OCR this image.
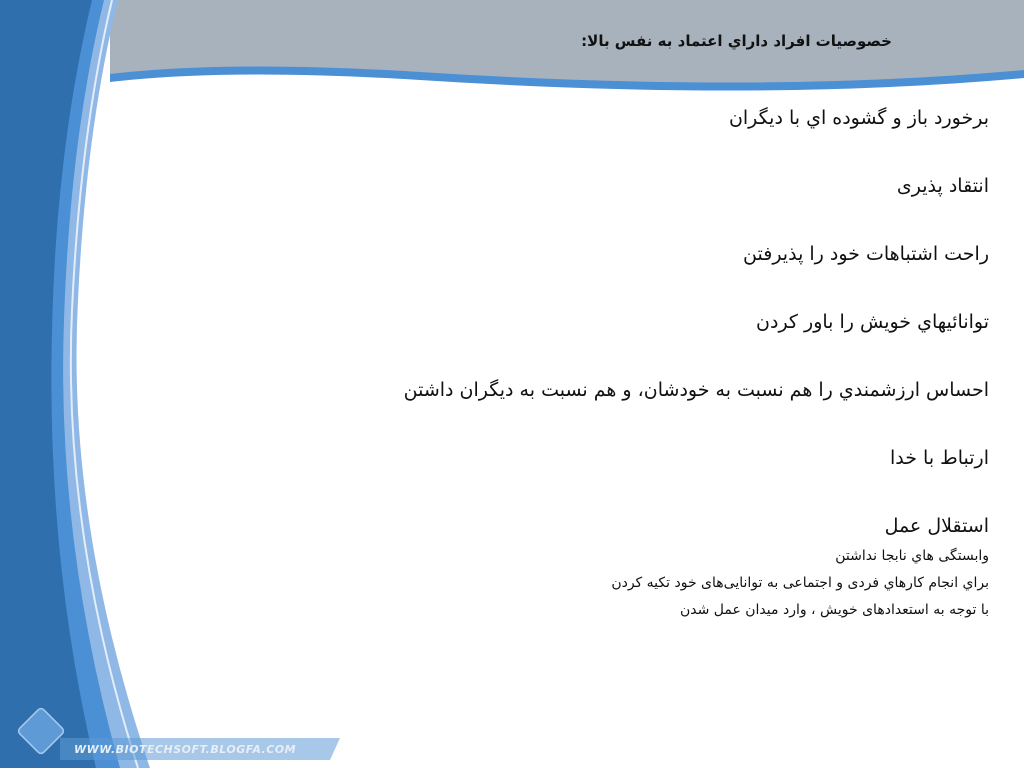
خصوصيات افراد داراي اعتماد به نفس بالا:
برخورد باز و گشوده اي با ديگران
انتقاد پذیری
راحت اشتباهات خود را پذيرفتن
توانائيهاي خويش را باور کردن
احساس ارزشمندي را هم نسبت به خودشان، و هم نسبت به ديگران داشتن
ارتباط با خدا
استقلال عمل
وابستگی هاي نابجا نداشتن
براي انجام کارهاي فردی و اجتماعی به توانایی‌های خود تکيه کردن
با توجه به استعدادهای خويش ، وارد ميدان عمل شدن
WWW.BIOTECHSOFT.BLOGFA.COM
